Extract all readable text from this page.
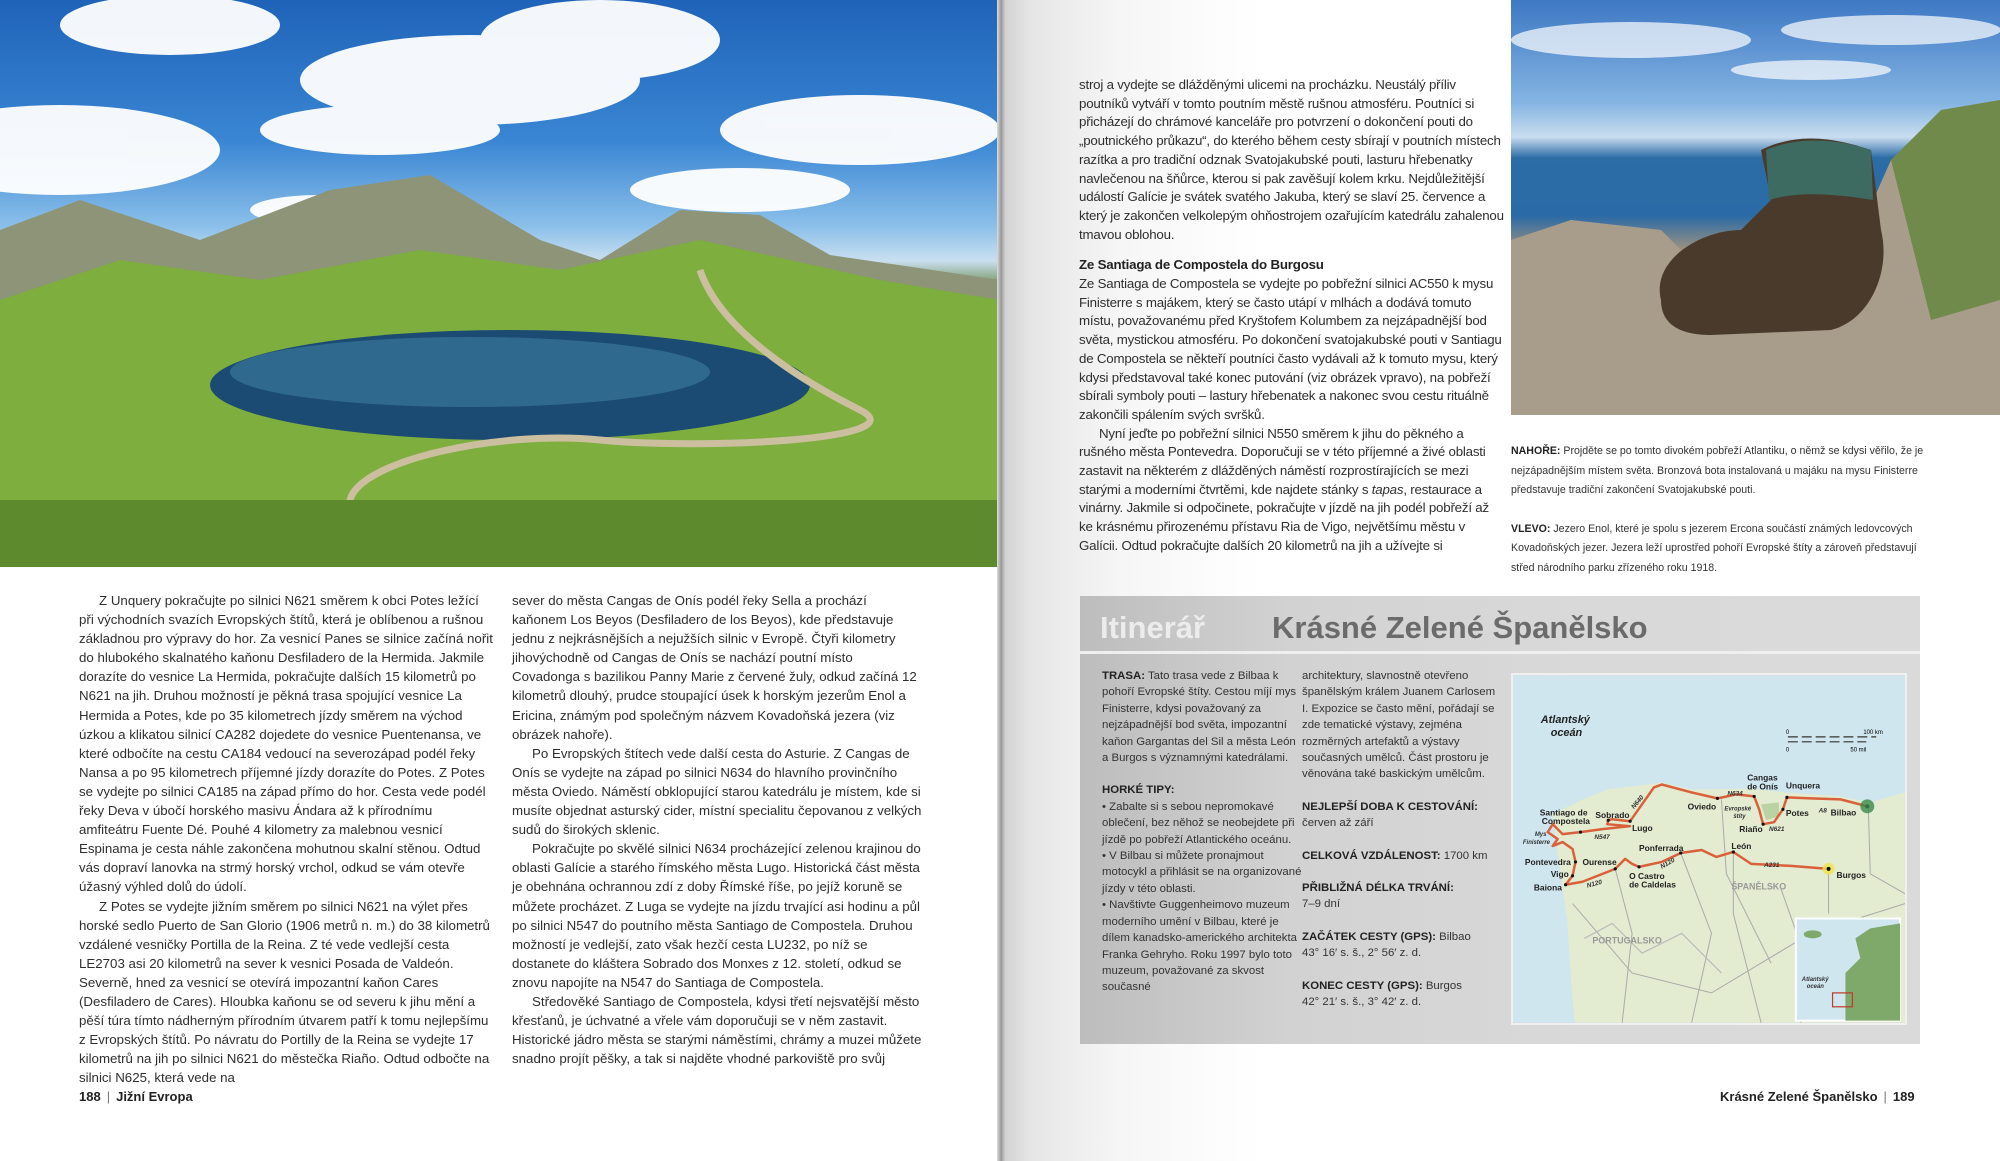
Z Unquery pokračujte po silnici N621 směrem k obci Potes ležící při východních svazích Evropských štítů, která je oblíbenou a rušnou základnou pro výpravy do hor. Za vesnicí Panes se silnice začíná nořit do hlubokého skalnatého kaňonu Desfiladero de la Hermida. Jakmile dorazíte do vesnice La Hermida, pokračujte dalších 15 kilometrů po N621 na jih. Druhou možností je pěkná trasa spojující vesnice La Hermida a Potes, kde po 35 kilometrech jízdy směrem na východ úzkou a klikatou silnicí CA282 dojedete do vesnice Puentenansa, ve které odbočíte na cestu CA184 vedoucí na severozápad podél řeky Nansa a po 95 kilometrech příjemné jízdy dorazíte do Potes. Z Potes se vydejte po silnici CA185 na západ přímo do hor. Cesta vede podél řeky Deva v úbočí horského masivu Ándara až k přírodnímu amfiteátru Fuente Dé. Pouhé 4 kilometry za malebnou vesnicí Espinama je cesta náhle zakončena mohutnou skalní stěnou. Odtud vás dopraví lanovka na strmý horský vrchol, odkud se vám otevře úžasný výhled dolů do údolí.

Z Potes se vydejte jižním směrem po silnici N621 na výlet přes horské sedlo Puerto de San Glorio (1906 metrů n. m.) do 38 kilometrů vzdálené vesničky Portilla de la Reina. Z té vede vedlejší cesta LE2703 asi 20 kilometrů na sever k vesnici Posada de Valdeón. Severně, hned za vesnicí se otevírá impozantní kaňon Cares (Desfiladero de Cares). Hloubka kaňonu se od severu k jihu mění a pěší túra tímto nádherným přírodním útvarem patří k tomu nejlepšímu z Evropských štítů. Po návratu do Portilly de la Reina se vydejte 17 kilometrů na jih po silnici N621 do městečka Riaño. Odtud odbočte na silnici N625, která vede na

sever do města Cangas de Onís podél řeky Sella a prochází kaňonem Los Beyos (Desfiladero de los Beyos), kde představuje jednu z nejkrásnějších a nejužších silnic v Evropě. Čtyři kilometry jihovýchodně od Cangas de Onís se nachází poutní místo Covadonga s bazilikou Panny Marie z červené žuly, odkud začíná 12 kilometrů dlouhý, prudce stoupající úsek k horským jezerům Enol a Ericina, známým pod společným názvem Kovadoňská jezera (viz obrázek nahoře).

Po Evropských štítech vede další cesta do Asturie. Z Cangas de Onís se vydejte na západ po silnici N634 do hlavního provinčního města Oviedo. Náměstí obklopující starou katedrálu je místem, kde si musíte objednat asturský cider, místní specialitu čepovanou z velkých sudů do širokých sklenic.

Pokračujte po skvělé silnici N634 procházející zelenou krajinou do oblasti Galície a starého římského města Lugo. Historická část města je obehnána ochrannou zdí z doby Římské říše, po jejíž koruně se můžete procházet. Z Luga se vydejte na jízdu trvající asi hodinu a půl po silnici N547 do poutního města Santiago de Compostela. Druhou možností je vedlejší, zato však hezčí cesta LU232, po níž se dostanete do kláštera Sobrado dos Monxes z 12. století, odkud se znovu napojíte na N547 do Santiaga de Compostela.

Středověké Santiago de Compostela, kdysi třetí nejsvatější město křesťanů, je úchvatné a vřele vám doporučuji se v něm zastavit. Historické jádro města se starými náměstími, chrámy a muzei můžete snadno projít pěšky, a tak si najděte vhodné parkoviště pro svůj

188 | Jižní Evropa

stroj a vydejte se dlážděnými ulicemi na procházku. Neustálý příliv poutníků vytváří v tomto poutním městě rušnou atmosféru. Poutníci si přicházejí do chrámové kanceláře pro potvrzení o dokončení pouti do „poutnického průkazu“, do kterého během cesty sbírají v poutních místech razítka a pro tradiční odznak Svatojakubské pouti, lasturu hřebenatky navlečenou na šňůrce, kterou si pak zavěšují kolem krku. Nejdůležitější událostí Galície je svátek svatého Jakuba, který se slaví 25. července a který je zakončen velkolepým ohňostrojem ozařujícím katedrálu zahalenou tmavou oblohou.

Ze Santiaga de Compostela do Burgosu

Ze Santiaga de Compostela se vydejte po pobřežní silnici AC550 k mysu Finisterre s majákem, který se často utápí v mlhách a dodává tomuto místu, považovanému před Kryštofem Kolumbem za nejzápadnější bod světa, mystickou atmosféru. Po dokončení svatojakubské pouti v Santiagu de Compostela se někteří poutníci často vydávali až k tomuto mysu, který kdysi představoval také konec putování (viz obrázek vpravo), na pobřeží sbírali symboly pouti – lastury hřebenatek a nakonec svou cestu rituálně zakončili spálením svých svršků.

Nyní jeďte po pobřežní silnici N550 směrem k jihu do pěkného a rušného města Pontevedra. Doporučuji se v této příjemné a živé oblasti zastavit na některém z dlážděných náměstí rozprostírajících se mezi starými a moderními čtvrtěmi, kde najdete stánky s tapas, restaurace a vinárny. Jakmile si odpočinete, pokračujte v jízdě na jih podél pobřeží až ke krásnému přirozenému přístavu Ria de Vigo, největšímu městu v Galícii. Odtud pokračujte dalších 20 kilometrů na jih a užívejte si

NAHOŘE: Projděte se po tomto divokém pobřeží Atlantiku, o němž se kdysi věřilo, že je nejzápadnějším místem světa. Bronzová bota instalovaná u majáku na mysu Finisterre představuje tradiční zakončení Svatojakubské pouti.

VLEVO: Jezero Enol, které je spolu s jezerem Ercona součástí známých ledovcových Kovadoňských jezer. Jezera leží uprostřed pohoří Evropské štíty a zároveň představují střed národního parku zřízeného roku 1918.

Itinerář Krásné Zelené Španělsko
TRASA: Tato trasa vede z Bilbaa k pohoří Evropské štíty. Cestou míjí mys Finisterre, kdysi považovaný za nejzápadnější bod světa, impozantní kaňon Gargantas del Sil a města León a Burgos s významnými katedrálami.
HORKÉ TIPY:
• Zabalte si s sebou nepromokavé oblečení, bez něhož se neobejdete při jízdě po pobřeží Atlantického oceánu.
• V Bilbau si můžete pronajmout motocykl a přihlásit se na organizované jízdy v této oblasti.
• Navštivte Guggenheimovo muzeum moderního umění v Bilbau, které je dílem kanadsko-amerického architekta Franka Gehryho. Roku 1997 bylo toto muzeum, považované za skvost současné
architektury, slavnostně otevřeno španělským králem Juanem Carlosem I. Expozice se často mění, pořádají se zde tematické výstavy, zejména rozměrných artefaktů a výstavy současných umělců. Část prostoru je věnována také baskickým umělcům.
NEJLEPŠÍ DOBA K CESTOVÁNÍ:
červen až září
CELKOVÁ VZDÁLENOST: 1700 km
PŘIBLIŽNÁ DÉLKA TRVÁNÍ:
7–9 dní
ZAČÁTEK CESTY (GPS): Bilbao
43° 16′ s. š., 2° 56′ z. d.
KONEC CESTY (GPS): Burgos
42° 21′ s. š., 3° 42′ z. d.
Atlantský
oceán	0	100 km
0	50 mil
Bilbao
Unquera
Potes
Riaño
Cangas
de Onís
Oviedo
Lugo
Sobrado
Santiago de
Compostela
Pontevedra Ourense
Vigo
Baiona
O Castro
de Caldelas
Ponferrada	León
Burgos
N634
N621
A8
N640
N547
N120
N120	A231
Evropské
štíty
Mys
Finisterre
ŠPANĚLSKO
PORTUGALSKO
Atlantský
oceán
Krásné Zelené Španělsko | 189
